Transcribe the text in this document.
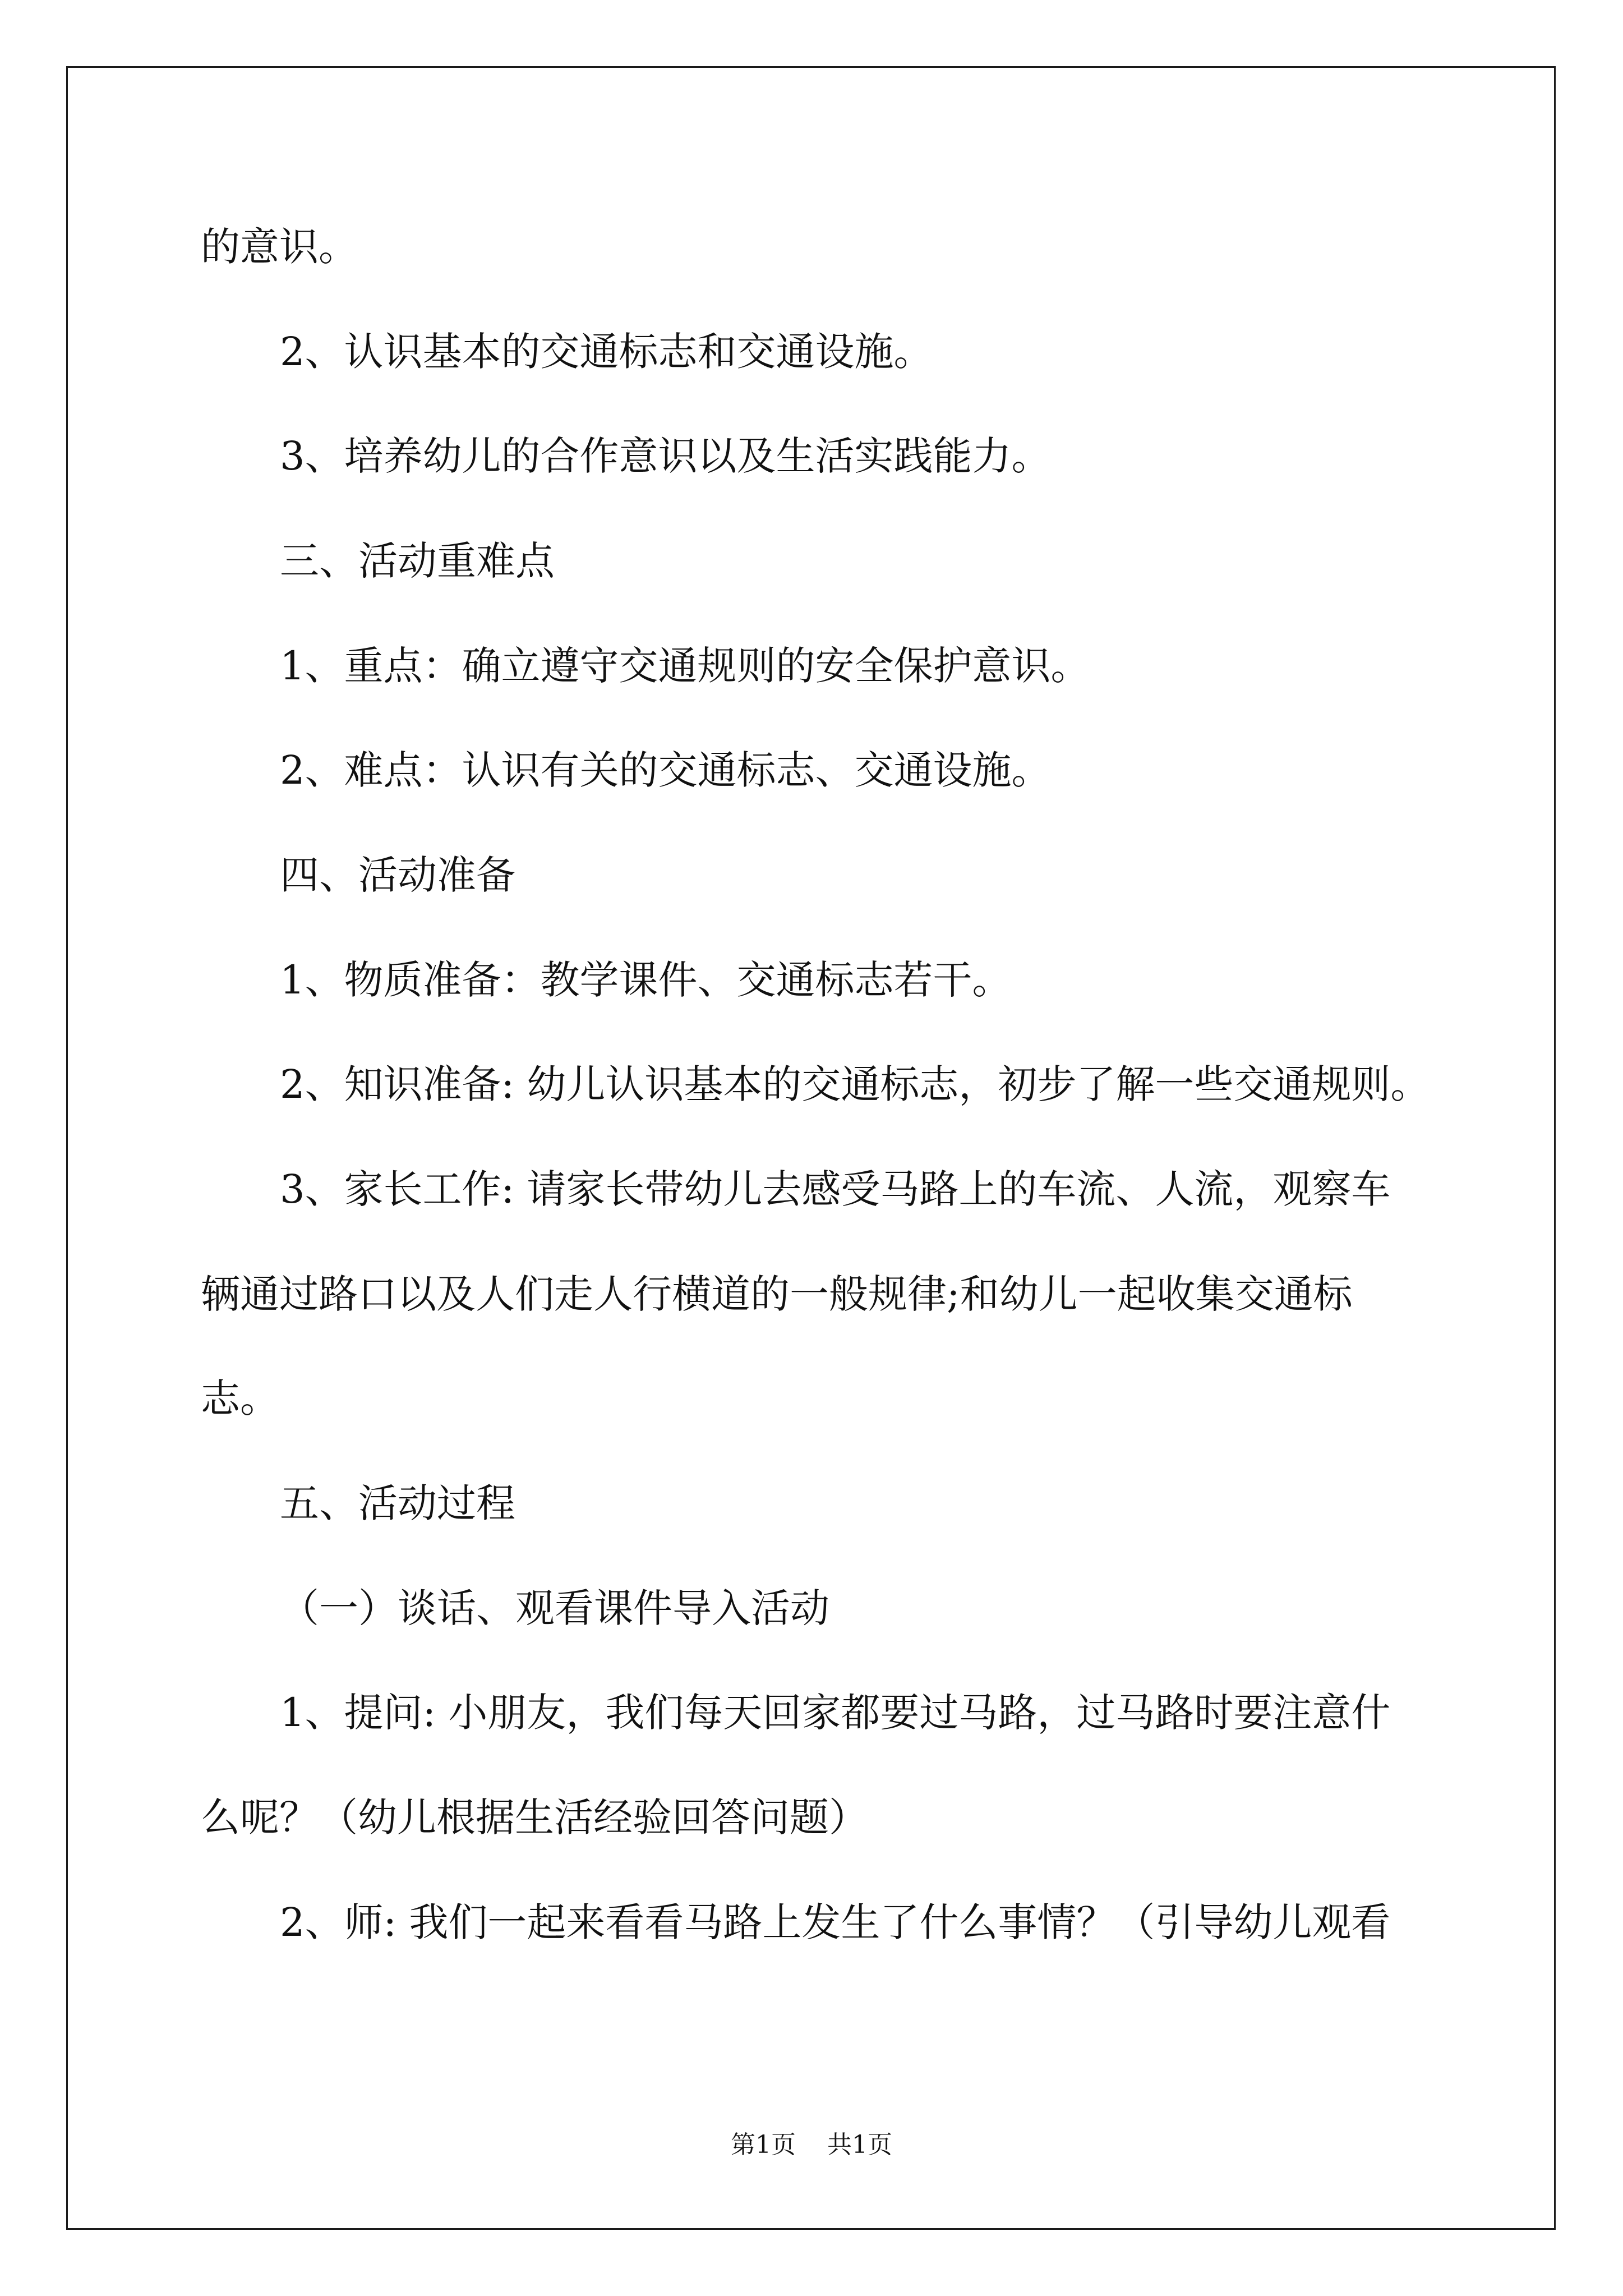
的意识。
2、认识基本的交通标志和交通设施。
3、培养幼儿的合作意识以及生活实践能力。
三、活动重难点
1、重点：确立遵守交通规则的安全保护意识。
2、难点：认识有关的交通标志、交通设施。
四、活动准备
1、物质准备：教学课件、交通标志若干。
2、知识准备: 幼儿认识基本的交通标志，初步了解一些交通规则。
3、家长工作: 请家长带幼儿去感受马路上的车流、人流，观察车
辆通过路口以及人们走人行横道的一般规律;和幼儿一起收集交通标
志。
五、活动过程
（一）谈话、观看课件导入活动
1、提问: 小朋友，我们每天回家都要过马路，过马路时要注意什
么呢？（幼儿根据生活经验回答问题）
2、师: 我们一起来看看马路上发生了什么事情？（引导幼儿观看
第1页 共1页
